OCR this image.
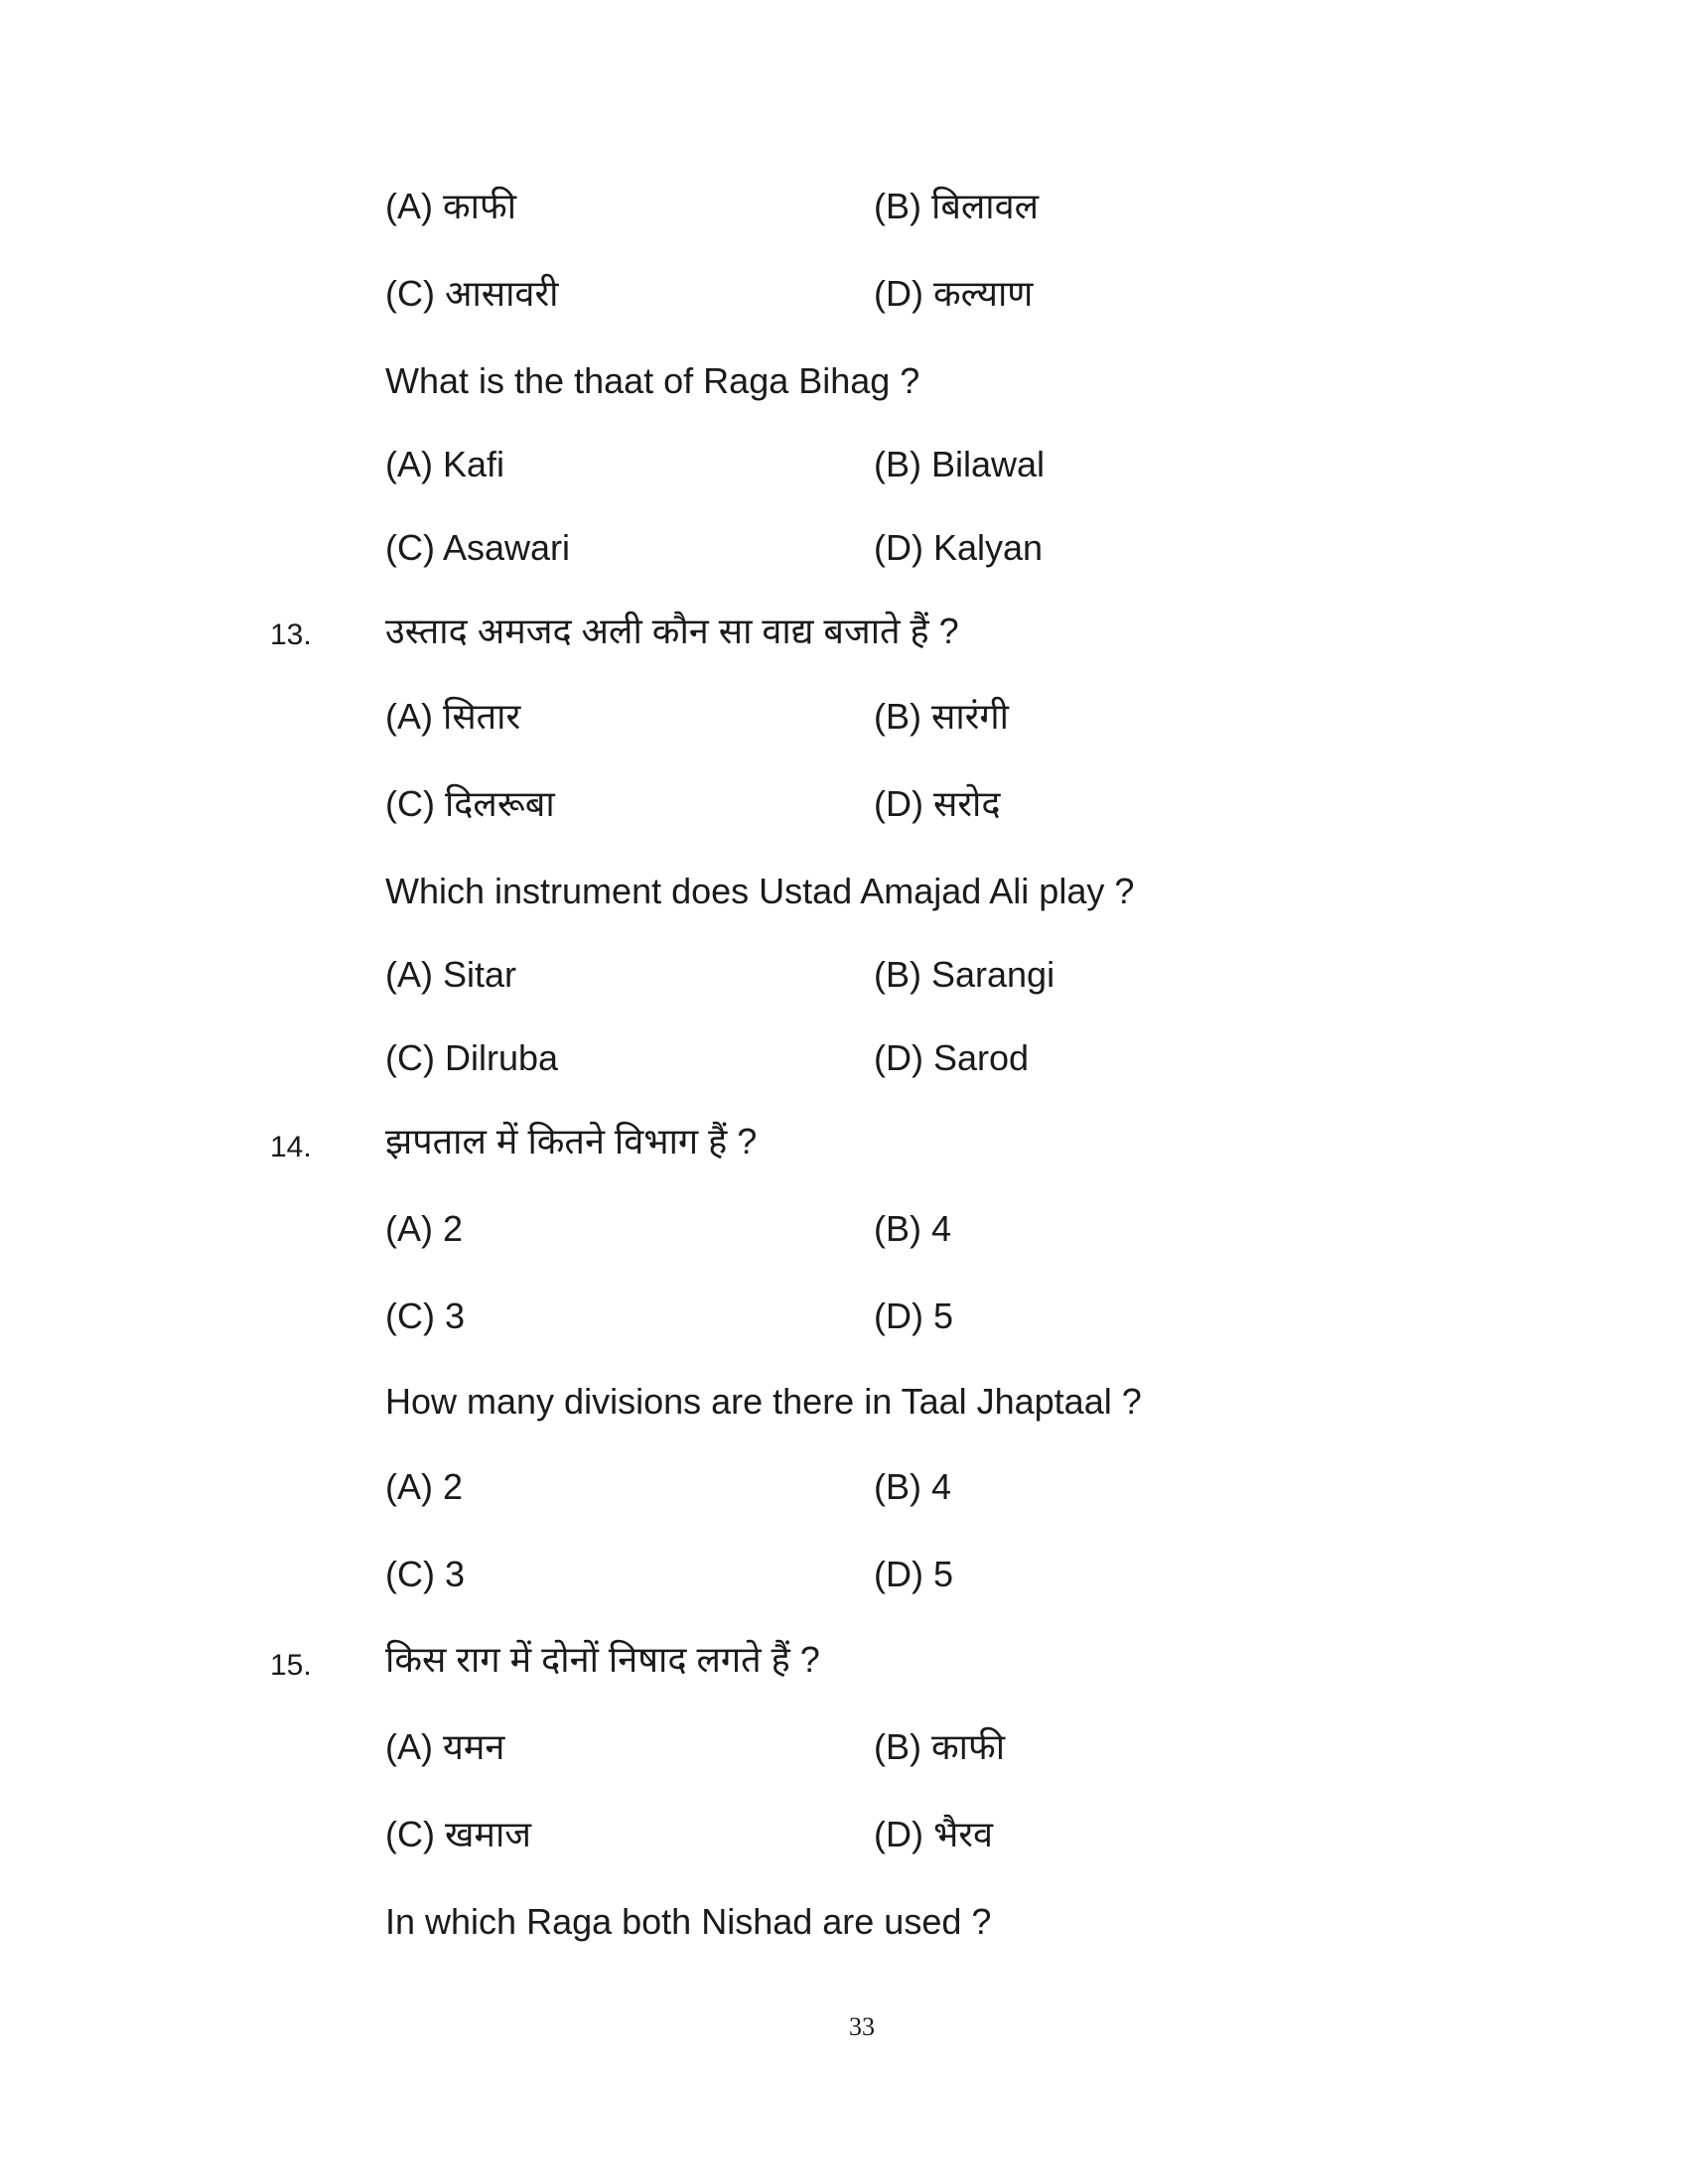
(A) काफी	(B) बिलावल
(C) आसावरी	(D) कल्याण
What is the thaat of Raga Bihag ?
(A) Kafi	(B) Bilawal
(C) Asawari	(D) Kalyan
13. उस्ताद अमजद अली कौन सा वाद्य बजाते हैं ?
(A) सितार	(B) सारंगी
(C) दिलरूबा	(D) सरोद
Which instrument does Ustad Amajad Ali play ?
(A) Sitar	(B) Sarangi
(C) Dilruba	(D) Sarod
14. झपताल में कितने विभाग हैं ?
(A) 2	(B) 4
(C) 3	(D) 5
How many divisions are there in Taal Jhaptaal ?
(A) 2	(B) 4
(C) 3	(D) 5
15. किस राग में दोनों निषाद लगते हैं ?
(A) यमन	(B) काफी
(C) खमाज	(D) भैरव
In which Raga both Nishad are used ?
33
